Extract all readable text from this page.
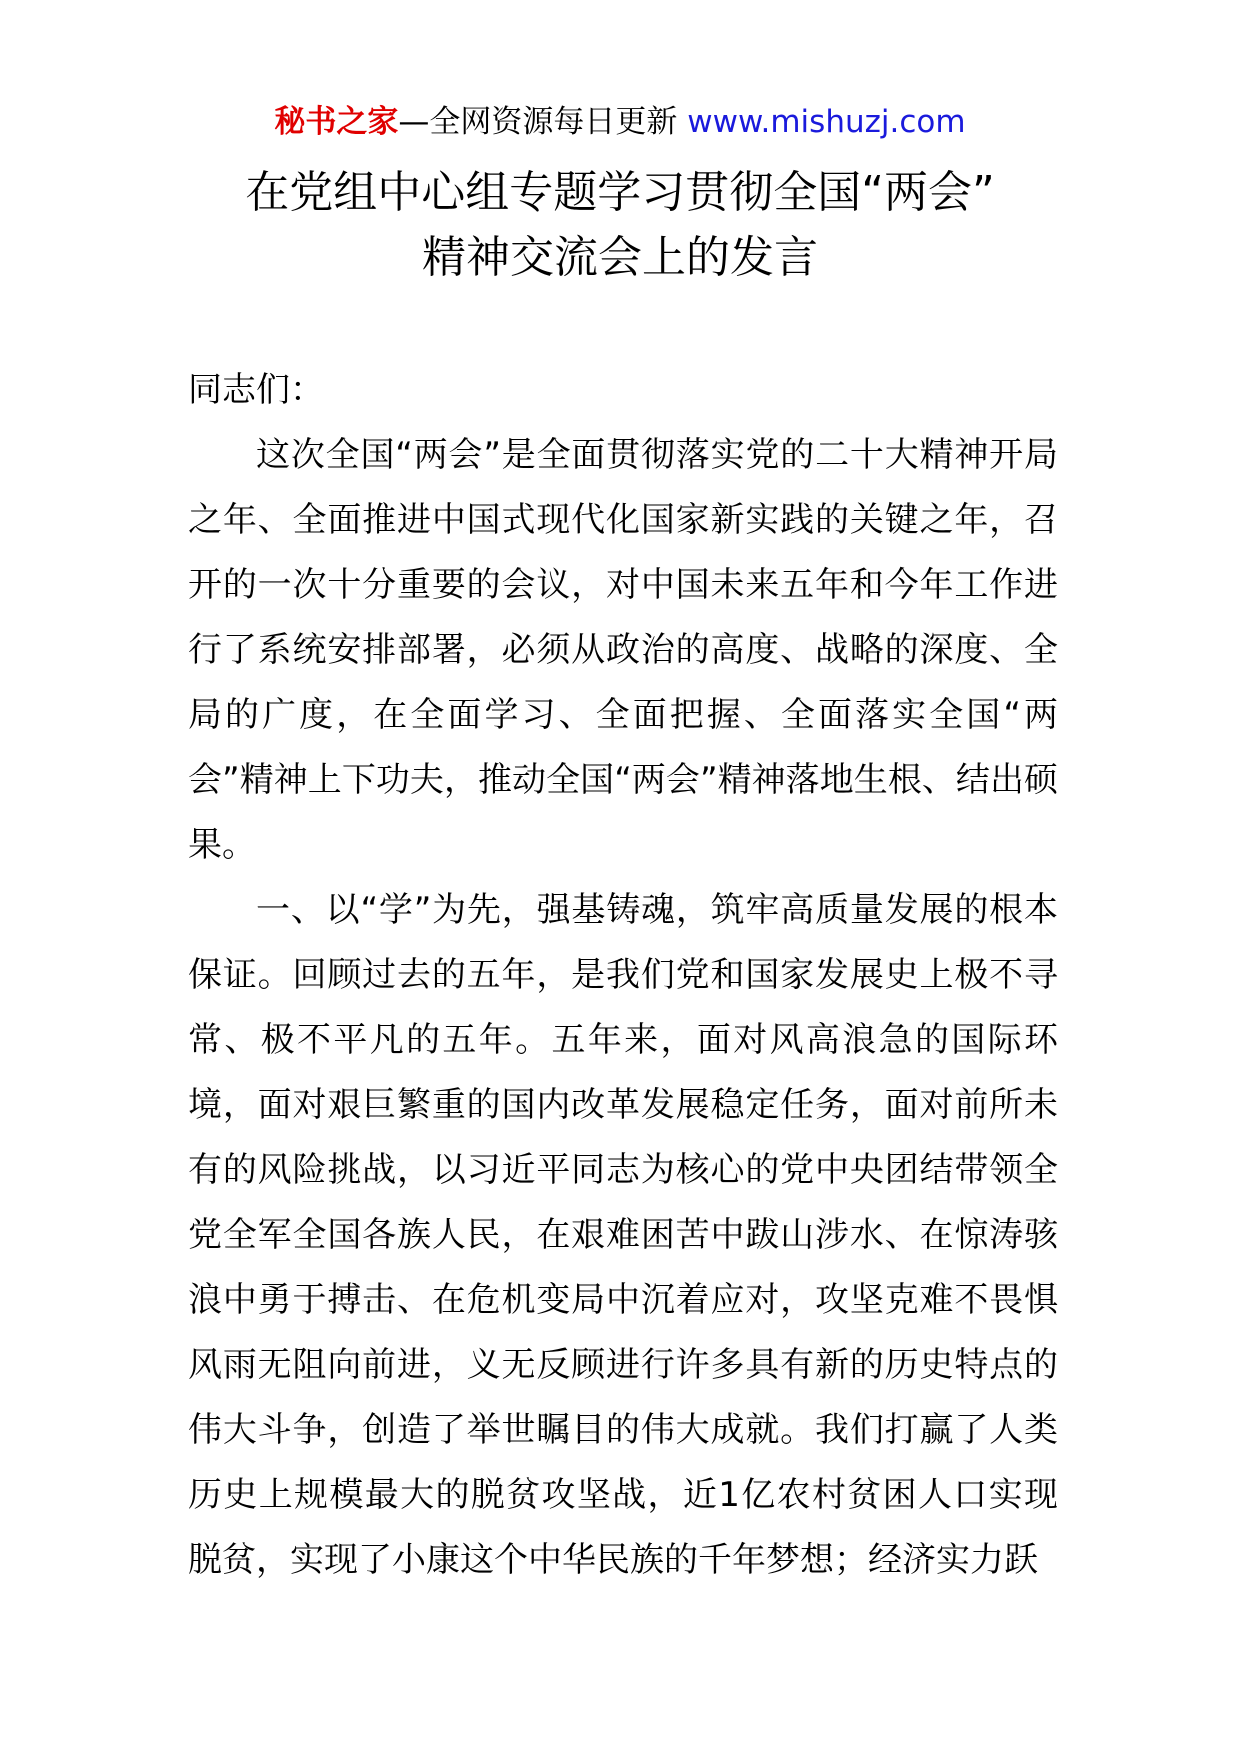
秘书之家—全网资源每日更新 www.mishuzj.com
在党组中心组专题学习贯彻全国“两会”
精神交流会上的发言

同志们：

这次全国“两会”是全面贯彻落实党的二十大精神开局之年、全面推进中国式现代化国家新实践的关键之年，召开的一次十分重要的会议，对中国未来五年和今年工作进行了系统安排部署，必须从政治的高度、战略的深度、全局的广度，在全面学习、全面把握、全面落实全国“两会”精神上下功夫，推动全国“两会”精神落地生根、结出硕果。

一、以“学”为先，强基铸魂，筑牢高质量发展的根本保证。回顾过去的五年，是我们党和国家发展史上极不寻常、极不平凡的五年。五年来，面对风高浪急的国际环境，面对艰巨繁重的国内改革发展稳定任务，面对前所未有的风险挑战，以习近平同志为核心的党中央团结带领全党全军全国各族人民，在艰难困苦中跋山涉水、在惊涛骇浪中勇于搏击、在危机变局中沉着应对，攻坚克难不畏惧风雨无阻向前进，义无反顾进行许多具有新的历史特点的伟大斗争，创造了举世瞩目的伟大成就。我们打赢了人类历史上规模最大的脱贫攻坚战，近1亿农村贫困人口实现脱贫，实现了小康这个中华民族的千年梦想；经济实力跃
